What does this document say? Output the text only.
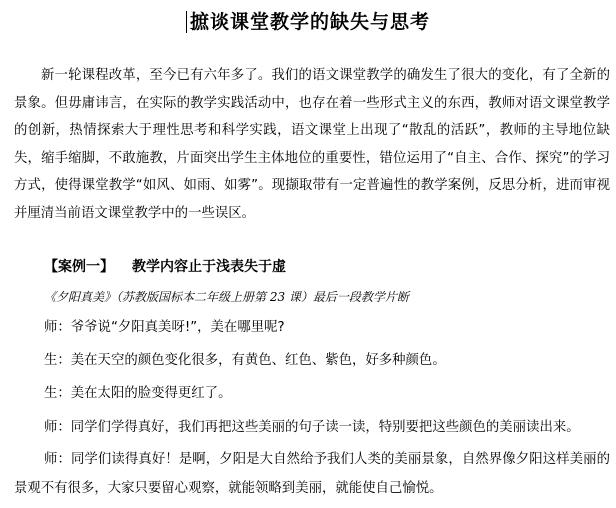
摭谈课堂教学的缺失与思考

新一轮课程改革，至今已有六年多了。我们的语文课堂教学的确发生了很大的变化，有了全新的景象。但毋庸讳言，在实际的教学实践活动中，也存在着一些形式主义的东西，教师对语文课堂教学的创新，热情探索大于理性思考和科学实践，语文课堂上出现了“散乱的活跃”，教师的主导地位缺失，缩手缩脚，不敢施教，片面突出学生主体地位的重要性，错位运用了“自主、合作、探究”的学习方式，使得课堂教学“如风、如雨、如雾”。现撷取带有一定普遍性的教学案例，反思分析，进而审视并厘清当前语文课堂教学中的一些误区。

【案例一】 教学内容止于浅表失于虚
《夕阳真美》（苏教版国标本二年级上册第 23 课）最后一段教学片断
师：爷爷说“夕阳真美呀!”，美在哪里呢?
生：美在天空的颜色变化很多，有黄色、红色、紫色，好多种颜色。
生：美在太阳的脸变得更红了。
师：同学们学得真好，我们再把这些美丽的句子读一读，特别要把这些颜色的美丽读出来。

师：同学们读得真好！是啊，夕阳是大自然给予我们人类的美丽景象，自然界像夕阳这样美丽的景观不有很多，大家只要留心观察，就能领略到美丽，就能使自己愉悦。
